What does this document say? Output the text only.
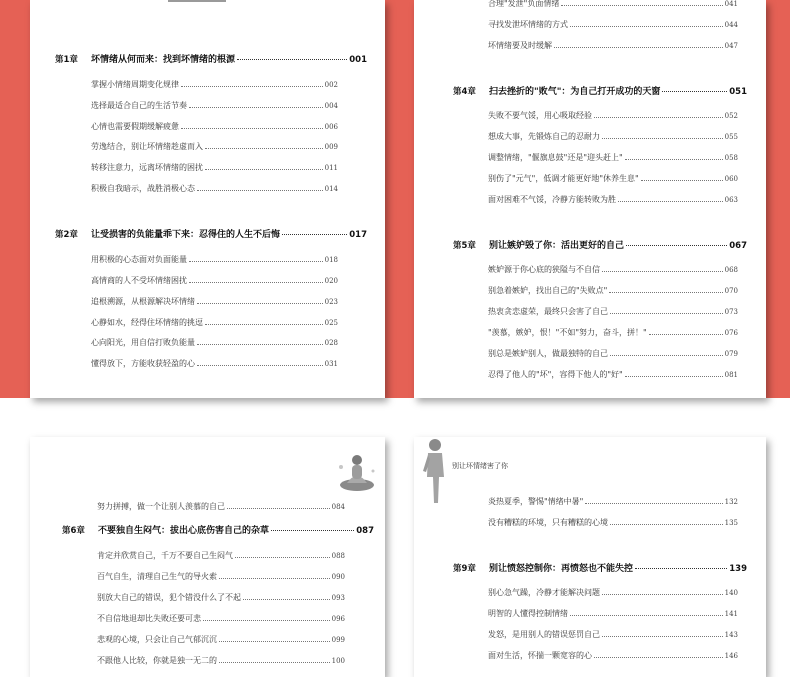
第1章	坏情绪从何而来：找到坏情绪的根源	001
掌握小情绪周期变化规律	002
选择最适合自己的生活节奏	004
心情也需要假期缓解疲惫	006
劳逸结合，别让坏情绪趁虚而入	009
转移注意力，远离坏情绪的困扰	011
积极自我暗示，战胜消极心态	014
第2章	让受损害的负能量乖下来：忍得住的人生不后悔	017
用积极的心态面对负面能量	018
高情商的人不受坏情绪困扰	020
追根溯源，从根源解决坏情绪	023
心静如水，经得住坏情绪的挑逗	025
心向阳光，用自信打败负能量	028
懂得放下，方能收获轻盈的心	031
合理"发泄"负面情绪	041
寻找发泄坏情绪的方式	044
坏情绪要及时缓解	047
第4章	扫去挫折的"败气"：为自己打开成功的天窗	051
失败不要气馁，用心吸取经验	052
想成大事，先锻炼自己的忍耐力	055
调整情绪，"偃旗息鼓"还是"迎头赶上"	058
别伤了"元气"，低调才能更好地"休养生息"	060
面对困难不气馁，冷静方能转败为胜	063
第5章	别让嫉妒毁了你：活出更好的自己	067
嫉妒源于你心底的狭隘与不自信	068
别急着嫉妒，找出自己的"失败点"	070
热衷贪恋虚荣，最终只会害了自己	073
"羡慕，嫉妒，恨！"不如"努力，奋斗，拼！"	076
别总是嫉妒别人，做最独特的自己	079
忍得了他人的"坏"，容得下他人的"好"	081
努力拼搏，做一个让别人羡慕的自己	084
第6章	不要独自生闷气：拔出心底伤害自己的杂草	087
肯定并欣赏自己，千万不要自己生闷气	088
百气自生，清理自己生气的导火索	090
别放大自己的错误，犯个错没什么了不起	093
不自信地退却比失败还要可悲	096
悲观的心境，只会让自己气郁沉沉	099
不跟他人比较，你就是独一无二的	100
别让坏情绪害了你
炎热夏季，警惕"情绪中暑"	132
没有糟糕的环境，只有糟糕的心境	135
第9章	别让愤怒控制你：再愤怒也不能失控	139
别心急气躁，冷静才能解决问题	140
明智的人懂得控制情绪	141
发怒，是用别人的错误惩罚自己	143
面对生活，怀揣一颗宽容的心	146
